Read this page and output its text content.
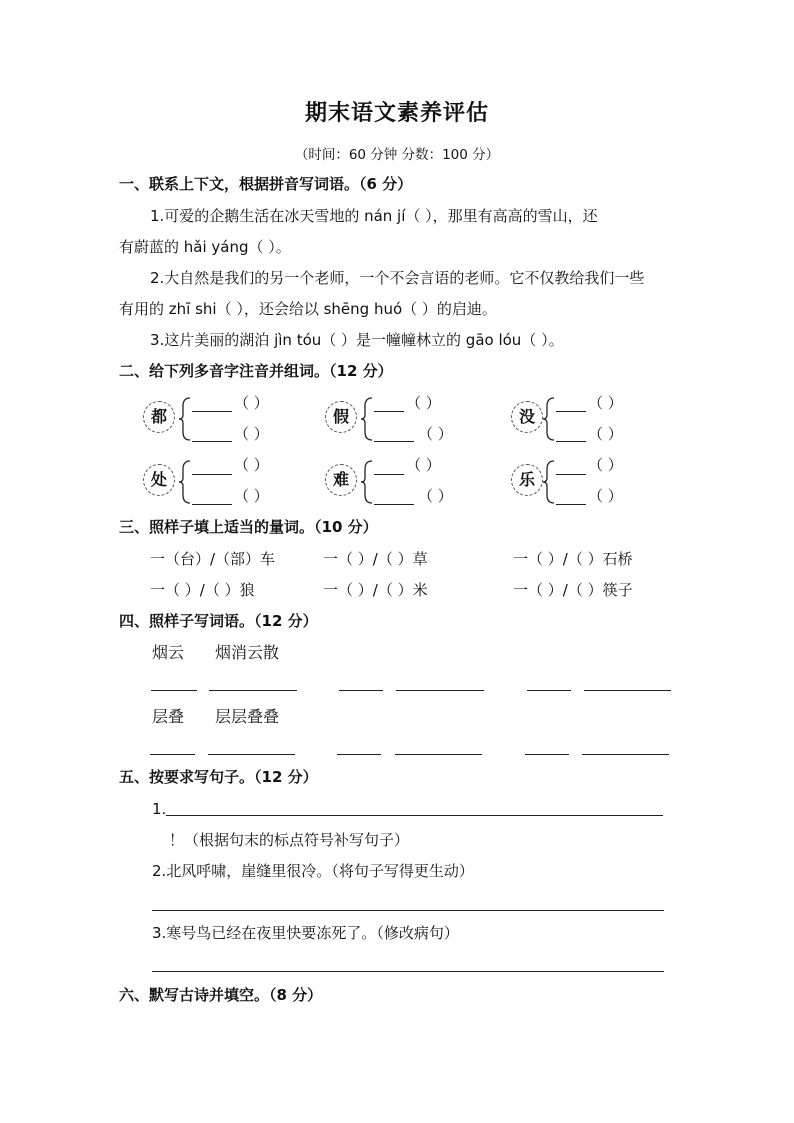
期末语文素养评估
（时间：60 分钟 分数：100 分）
一、联系上下文，根据拼音写词语。（6 分）
1.可爱的企鹅生活在冰天雪地的 nán jí（ ），那里有高高的雪山，还
有蔚蓝的 hǎi yáng（ ）。
2.大自然是我们的另一个老师，一个不会言语的老师。它不仅教给我们一些
有用的 zhī shi（ ），还会给以 shēng huó（ ）的启迪。
3.这片美丽的湖泊 jìn tóu（ ）是一幢幢林立的 gāo lóu（ ）。
二、给下列多音字注音并组词。（12 分）
都
（ ）
（ ）
假
（ ）
（ ）
没
（ ）
（ ）
处
（ ）
（ ）
难
（ ）
（ ）
乐
（ ）
（ ）
三、照样子填上适当的量词。（10 分）
一（台）/（部）车	一（ ）/（ ）草	一（ ）/（ ）石桥
一（ ）/（ ）狼	一（ ）/（ ）米	一（ ）/（ ）筷子
四、照样子写词语。（12 分）
烟云 烟消云散
层叠 层层叠叠
五、按要求写句子。（12 分）
1.
！（根据句末的标点符号补写句子）
2.北风呼啸，崖缝里很冷。（将句子写得更生动）
3.寒号鸟已经在夜里快要冻死了。（修改病句）
六、默写古诗并填空。（8 分）
